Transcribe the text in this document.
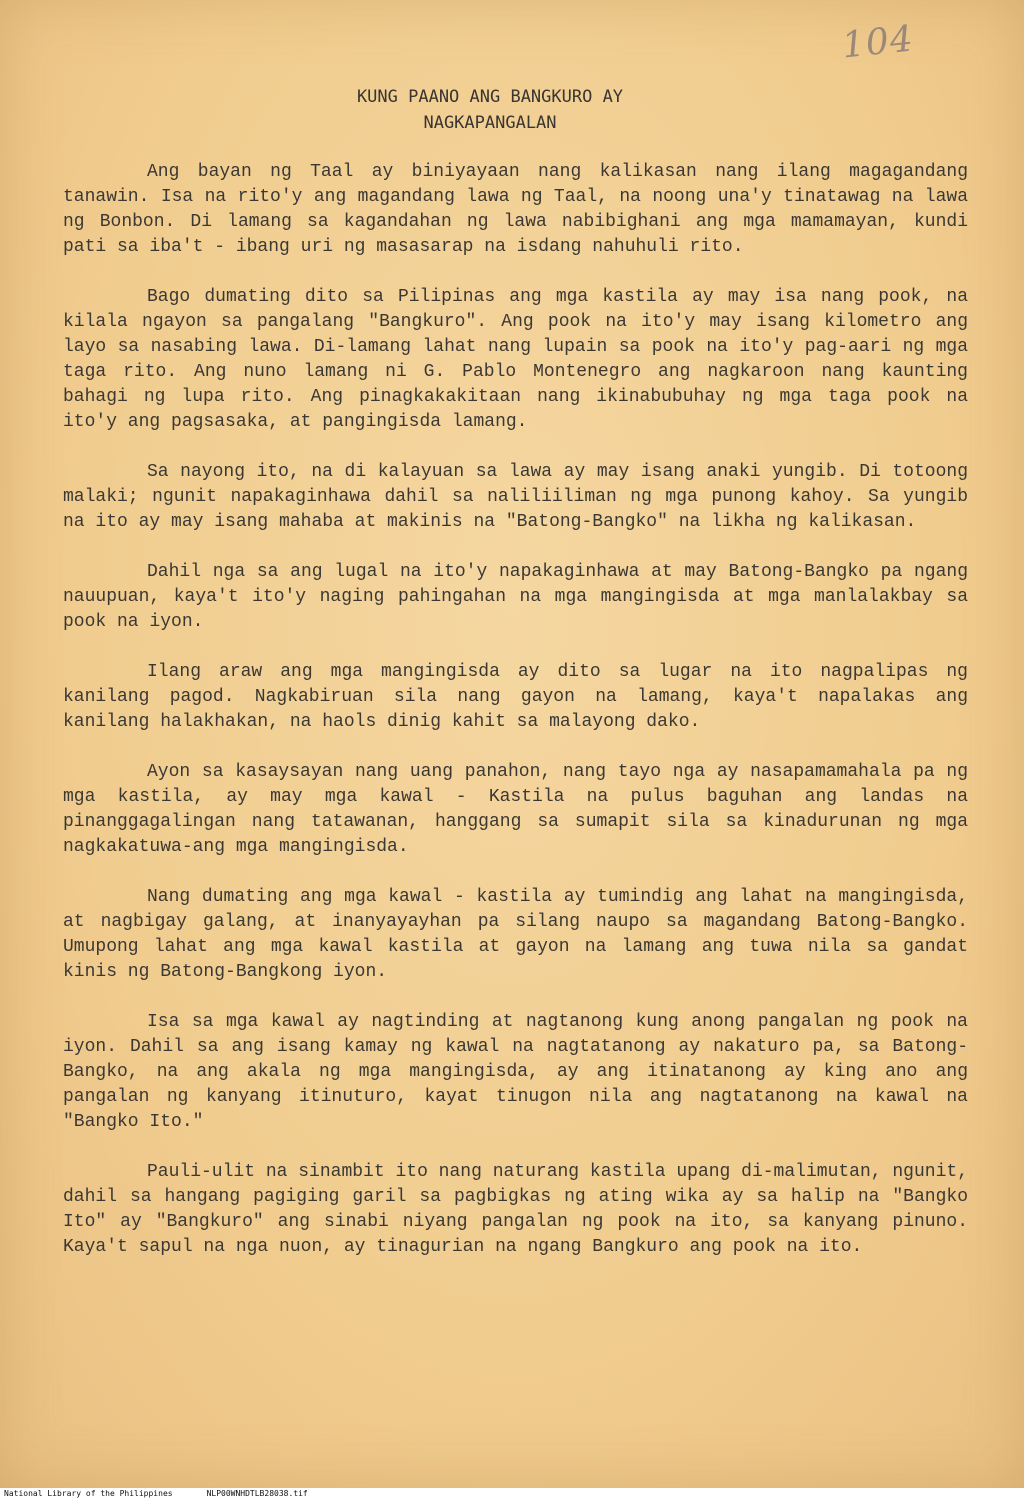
104
KUNG PAANO ANG BANGKURO AY
NAGKAPANGALAN

Ang bayan ng Taal ay biniyayaan nang kalikasan nang ilang magagandang tanawin. Isa na rito'y ang magandang lawa ng Taal, na noong una'y tinatawag na lawa ng Bonbon. Di lamang sa kagandahan ng lawa nabibighani ang mga mamamayan, kundi pati sa iba't - ibang uri ng masasarap na isdang nahuhuli rito.

Bago dumating dito sa Pilipinas ang mga kastila ay may isa nang pook, na kilala ngayon sa pangalang "Bangkuro". Ang pook na ito'y may isang kilometro ang layo sa nasabing lawa. Di-lamang lahat nang lupain sa pook na ito'y pag-aari ng mga taga rito. Ang nuno lamang ni G. Pablo Montenegro ang nagkaroon nang kaunting bahagi ng lupa rito. Ang pinagkakakitaan nang ikinabubuhay ng mga taga pook na ito'y ang pagsasaka, at pangingisda lamang.

Sa nayong ito, na di kalayuan sa lawa ay may isang anaki yungib. Di totoong malaki; ngunit napakaginhawa dahil sa naliliiliman ng mga punong kahoy. Sa yungib na ito ay may isang mahaba at makinis na "Batong-Bangko" na likha ng kalikasan.

Dahil nga sa ang lugal na ito'y napakaginhawa at may Batong-Bangko pa ngang nauupuan, kaya't ito'y naging pahingahan na mga mangingisda at mga manlalakbay sa pook na iyon.

Ilang araw ang mga mangingisda ay dito sa lugar na ito nagpalipas ng kanilang pagod. Nagkabiruan sila nang gayon na lamang, kaya't napalakas ang kanilang halakhakan, na haols dinig kahit sa malayong dako.

Ayon sa kasaysayan nang uang panahon, nang tayo nga ay nasapamamahala pa ng mga kastila, ay may mga kawal - Kastila na pulus baguhan ang landas na pinanggagalingan nang tatawanan, hanggang sa sumapit sila sa kinadurunan ng mga nagkakatuwa-ang mga mangingisda.

Nang dumating ang mga kawal - kastila ay tumindig ang lahat na mangingisda, at nagbigay galang, at inanyayayhan pa silang naupo sa magandang Batong-Bangko. Umupong lahat ang mga kawal kastila at gayon na lamang ang tuwa nila sa gandat kinis ng Batong-Bangkong iyon.

Isa sa mga kawal ay nagtinding at nagtanong kung anong pangalan ng pook na iyon. Dahil sa ang isang kamay ng kawal na nagtatanong ay nakaturo pa, sa Batong-Bangko, na ang akala ng mga mangingisda, ay ang itinatanong ay king ano ang pangalan ng kanyang itinuturo, kayat tinugon nila ang nagtatanong na kawal na "Bangko Ito."

Pauli-ulit na sinambit ito nang naturang kastila upang di-malimutan, ngunit, dahil sa hangang pagiging garil sa pagbigkas ng ating wika ay sa halip na "Bangko Ito" ay "Bangkuro" ang sinabi niyang pangalan ng pook na ito, sa kanyang pinuno. Kaya't sapul na nga nuon, ay tinagurian na ngang Bangkuro ang pook na ito.

National Library of the Philippines	NLP00WNHDTLB28038.tif
